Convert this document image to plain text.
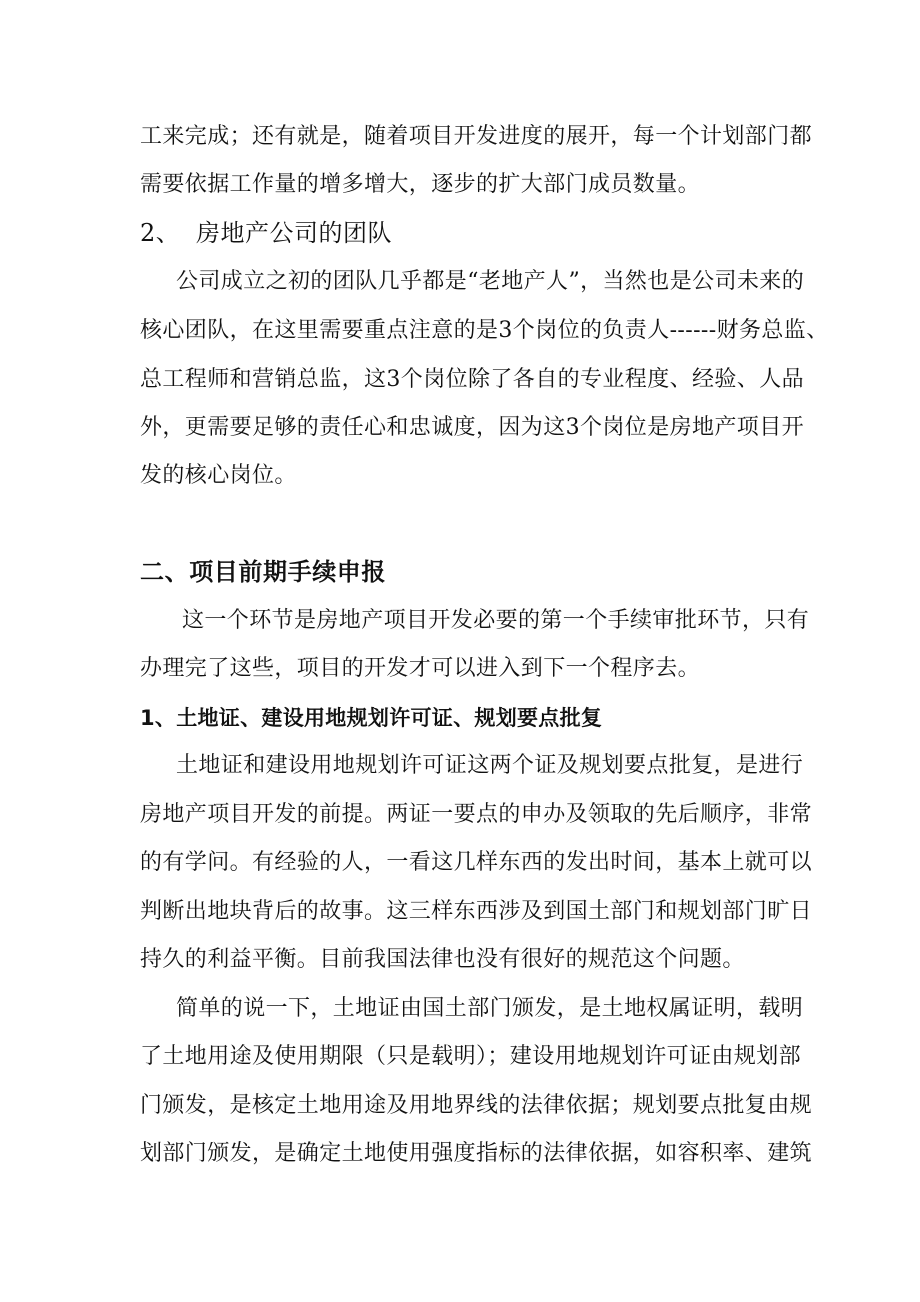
工来完成；还有就是，随着项目开发进度的展开，每一个计划部门都
需要依据工作量的增多增大，逐步的扩大部门成员数量。
2、 房地产公司的团队
公司成立之初的团队几乎都是“老地产人”，当然也是公司未来的
核心团队，在这里需要重点注意的是3个岗位的负责人------财务总监、
总工程师和营销总监，这3个岗位除了各自的专业程度、经验、人品
外，更需要足够的责任心和忠诚度，因为这3个岗位是房地产项目开
发的核心岗位。
二、项目前期手续申报
这一个环节是房地产项目开发必要的第一个手续审批环节，只有
办理完了这些，项目的开发才可以进入到下一个程序去。
1、土地证、建设用地规划许可证、规划要点批复
土地证和建设用地规划许可证这两个证及规划要点批复，是进行
房地产项目开发的前提。两证一要点的申办及领取的先后顺序，非常
的有学问。有经验的人，一看这几样东西的发出时间，基本上就可以
判断出地块背后的故事。这三样东西涉及到国土部门和规划部门旷日
持久的利益平衡。目前我国法律也没有很好的规范这个问题。
简单的说一下，土地证由国土部门颁发，是土地权属证明，载明
了土地用途及使用期限（只是载明）；建设用地规划许可证由规划部
门颁发，是核定土地用途及用地界线的法律依据；规划要点批复由规
划部门颁发，是确定土地使用强度指标的法律依据，如容积率、建筑
